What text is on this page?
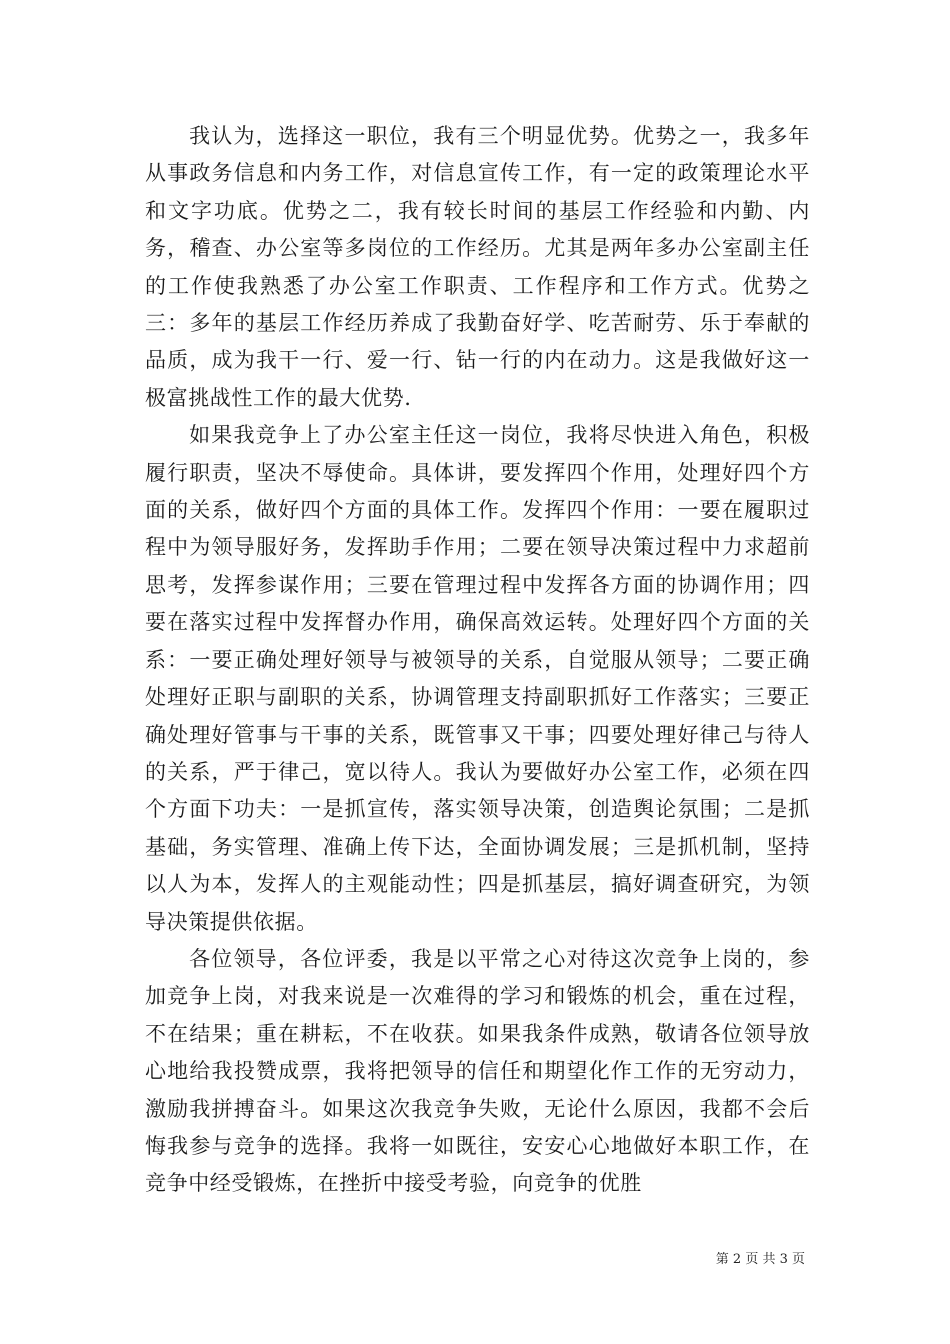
我认为，选择这一职位，我有三个明显优势。优势之一，我多年从事政务信息和内务工作，对信息宣传工作，有一定的政策理论水平和文字功底。优势之二，我有较长时间的基层工作经验和内勤、内务，稽查、办公室等多岗位的工作经历。尤其是两年多办公室副主任的工作使我熟悉了办公室工作职责、工作程序和工作方式。优势之三：多年的基层工作经历养成了我勤奋好学、吃苦耐劳、乐于奉献的品质，成为我干一行、爱一行、钻一行的内在动力。这是我做好这一极富挑战性工作的最大优势.

如果我竞争上了办公室主任这一岗位，我将尽快进入角色，积极履行职责，坚决不辱使命。具体讲，要发挥四个作用，处理好四个方面的关系，做好四个方面的具体工作。发挥四个作用：一要在履职过程中为领导服好务，发挥助手作用；二要在领导决策过程中力求超前思考，发挥参谋作用；三要在管理过程中发挥各方面的协调作用；四要在落实过程中发挥督办作用，确保高效运转。处理好四个方面的关系：一要正确处理好领导与被领导的关系，自觉服从领导；二要正确处理好正职与副职的关系，协调管理支持副职抓好工作落实；三要正确处理好管事与干事的关系，既管事又干事；四要处理好律己与待人的关系，严于律己，宽以待人。我认为要做好办公室工作，必须在四个方面下功夫：一是抓宣传，落实领导决策，创造舆论氛围；二是抓基础，务实管理、准确上传下达，全面协调发展；三是抓机制，坚持以人为本，发挥人的主观能动性；四是抓基层，搞好调查研究，为领导决策提供依据。

各位领导，各位评委，我是以平常之心对待这次竞争上岗的，参加竞争上岗，对我来说是一次难得的学习和锻炼的机会，重在过程，不在结果；重在耕耘，不在收获。如果我条件成熟，敬请各位领导放心地给我投赞成票，我将把领导的信任和期望化作工作的无穷动力，激励我拼搏奋斗。如果这次我竞争失败，无论什么原因，我都不会后悔我参与竞争的选择。我将一如既往，安安心心地做好本职工作，在竞争中经受锻炼，在挫折中接受考验，向竞争的优胜

第 2 页 共 3 页
